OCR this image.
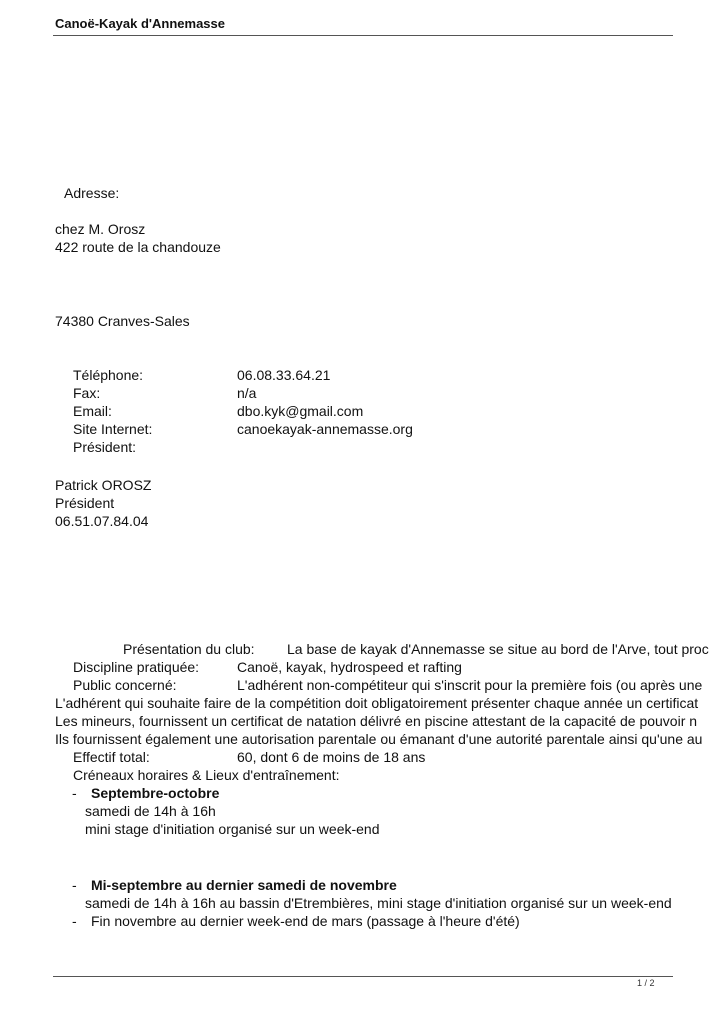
Canoë-Kayak d'Annemasse
Adresse:
chez M. Orosz
422 route de la chandouze
74380 Cranves-Sales
Téléphone:	06.08.33.64.21
Fax:	n/a
Email:	dbo.kyk@gmail.com
Site Internet:	canoekayak-annemasse.org
Président:
Patrick OROSZ
Président
06.51.07.84.04
Présentation du club: La base de kayak d'Annemasse se situe au bord de l'Arve, tout proc
Discipline pratiquée:	Canoë, kayak, hydrospeed et rafting
Public concerné:	L'adhérent non-compétiteur qui s'inscrit pour la première fois (ou après une
L'adhérent qui souhaite faire de la compétition doit obligatoirement présenter chaque année un certificat
Les mineurs, fournissent un certificat de natation délivré en piscine attestant de la capacité de pouvoir n
Ils fournissent également une autorisation parentale ou émanant d'une autorité parentale ainsi qu'une au
Effectif total:	60, dont 6 de moins de 18 ans
Créneaux horaires & Lieux d'entraînement:
- Septembre-octobre
samedi de 14h à 16h
mini stage d'initiation organisé sur un week-end
- Mi-septembre au dernier samedi de novembre
samedi de 14h à 16h au bassin d'Etrembières, mini stage d'initiation organisé sur un week-end
- Fin novembre au dernier week-end de mars (passage à l'heure d'été)
1 / 2
